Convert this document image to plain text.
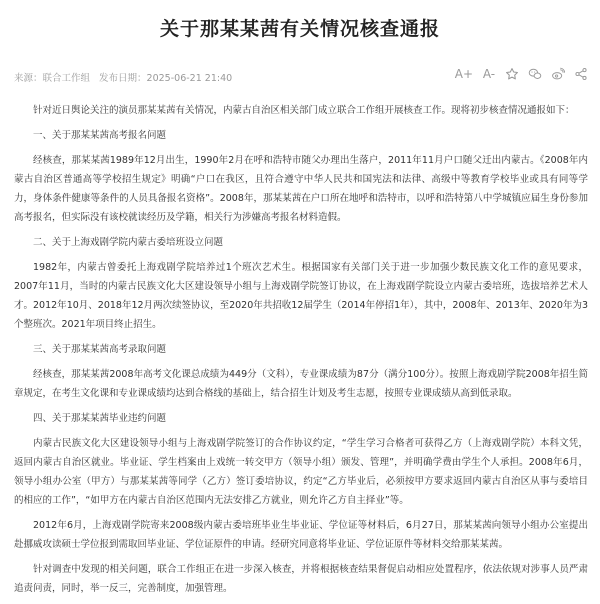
关于那某某茜有关情况核查通报
来源：联合工作组 发布日期：2025-06-21 21:40	A+ A-

针对近日舆论关注的演员那某某茜有关情况，内蒙古自治区相关部门成立联合工作组开展核查工作。现将初步核查情况通报如下：

一、关于那某某茜高考报名问题

经核查，那某某茜1989年12月出生，1990年2月在呼和浩特市随父办理出生落户，2011年11月户口随父迁出内蒙古。《2008年内蒙古自治区普通高等学校招生规定》明确“户口在我区，且符合遵守中华人民共和国宪法和法律、高级中等教育学校毕业或具有同等学力，身体条件健康等条件的人员具备报名资格”。2008年，那某某茜在户口所在地呼和浩特市，以呼和浩特第八中学城镇应届生身份参加高考报名，但实际没有该校就读经历及学籍，相关行为涉嫌高考报名材料造假。

二、关于上海戏剧学院内蒙古委培班设立问题

1982年，内蒙古曾委托上海戏剧学院培养过1个班次艺术生。根据国家有关部门关于进一步加强少数民族文化工作的意见要求，2007年11月，当时的内蒙古民族文化大区建设领导小组与上海戏剧学院签订协议，在上海戏剧学院设立内蒙古委培班，选拔培养艺术人才。2012年10月、2018年12月两次续签协议，至2020年共招收12届学生（2014年停招1年），其中，2008年、2013年、2020年为3个整班次。2021年项目终止招生。

三、关于那某某茜高考录取问题

经核查，那某某茜2008年高考文化课总成绩为449分（文科），专业课成绩为87分（满分100分）。按照上海戏剧学院2008年招生简章规定，在考生文化课和专业课成绩均达到合格线的基础上，结合招生计划及考生志愿，按照专业课成绩从高到低录取。

四、关于那某某茜毕业违约问题

内蒙古民族文化大区建设领导小组与上海戏剧学院签订的合作协议约定，“学生学习合格者可获得乙方（上海戏剧学院）本科文凭，返回内蒙古自治区就业。毕业证、学生档案由上戏统一转交甲方（领导小组）颁发、管理”，并明确学费由学生个人承担。2008年6月，领导小组办公室（甲方）与那某某茜等同学（乙方）签订委培协议，约定“乙方毕业后，必须按甲方要求返回内蒙古自治区从事与委培目的相应的工作”，“如甲方在内蒙古自治区范围内无法安排乙方就业，则允许乙方自主择业”等。

2012年6月，上海戏剧学院寄来2008级内蒙古委培班毕业生毕业证、学位证等材料后，6月27日，那某某茜向领导小组办公室提出赴挪威攻读硕士学位报到需取回毕业证、学位证原件的申请。经研究同意将毕业证、学位证原件等材料交给那某某茜。

针对调查中发现的相关问题，联合工作组正在进一步深入核查，并将根据核查结果督促启动相应处置程序，依法依规对涉事人员严肃追责问责，同时，举一反三，完善制度，加强管理。
